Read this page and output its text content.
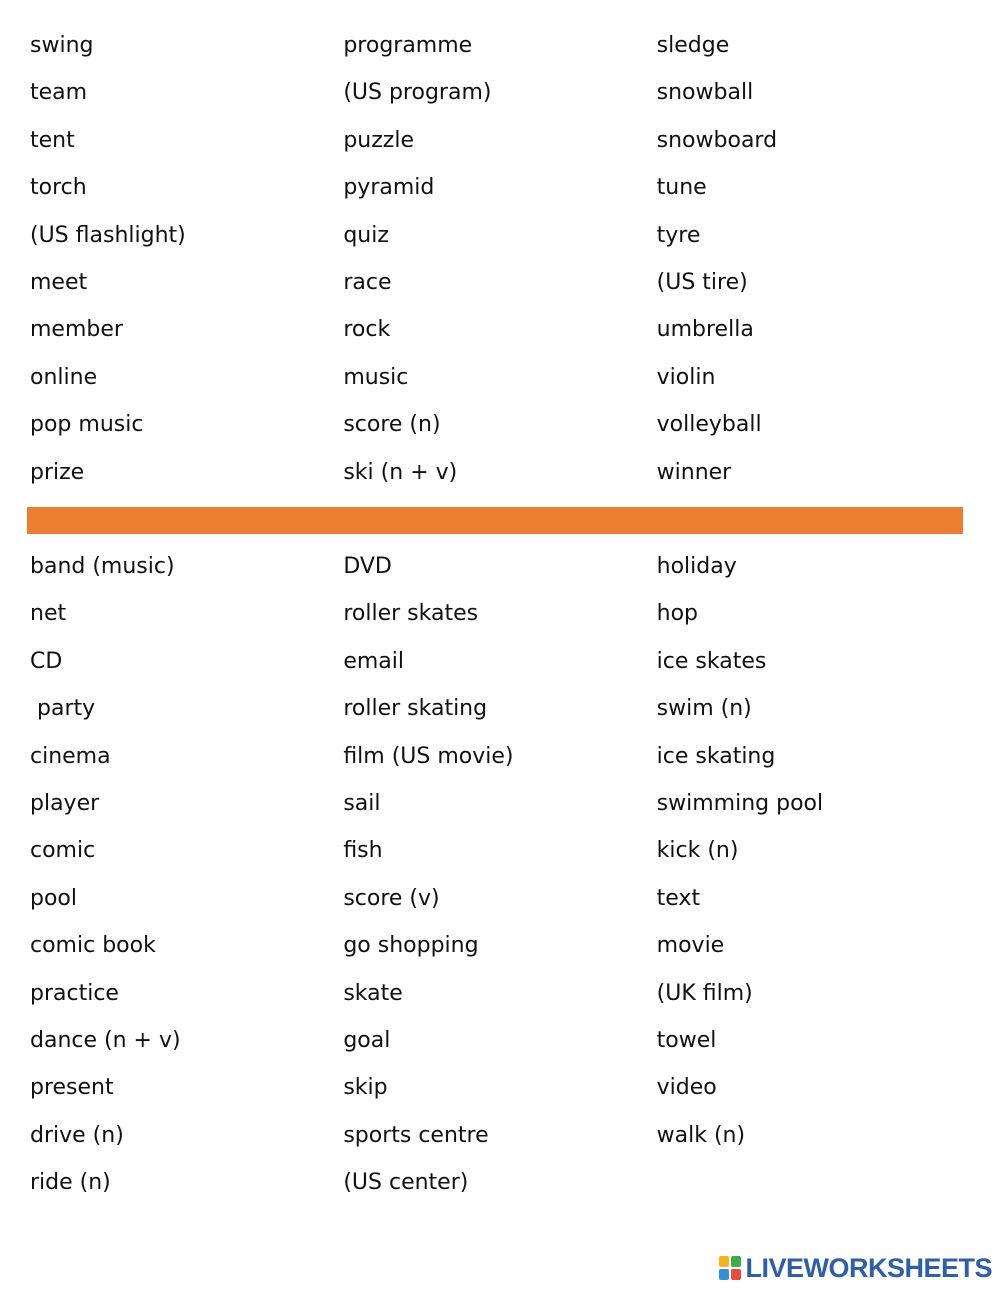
swing
team
tent
torch
(US flashlight)
meet
member
online
pop music
prize
programme
(US program)
puzzle
pyramid
quiz
race
rock
music
score (n)
ski (n + v)
sledge
snowball
snowboard
tune
tyre
(US tire)
umbrella
violin
volleyball
winner
band (music)
net
CD
party
cinema
player
comic
pool
comic book
practice
dance (n + v)
present
drive (n)
ride (n)
DVD
roller skates
email
roller skating
film (US movie)
sail
fish
score (v)
go shopping
skate
goal
skip
sports centre
(US center)
holiday
hop
ice skates
swim (n)
ice skating
swimming pool
kick (n)
text
movie
(UK film)
towel
video
walk (n)
LIVEWORKSHEETS
